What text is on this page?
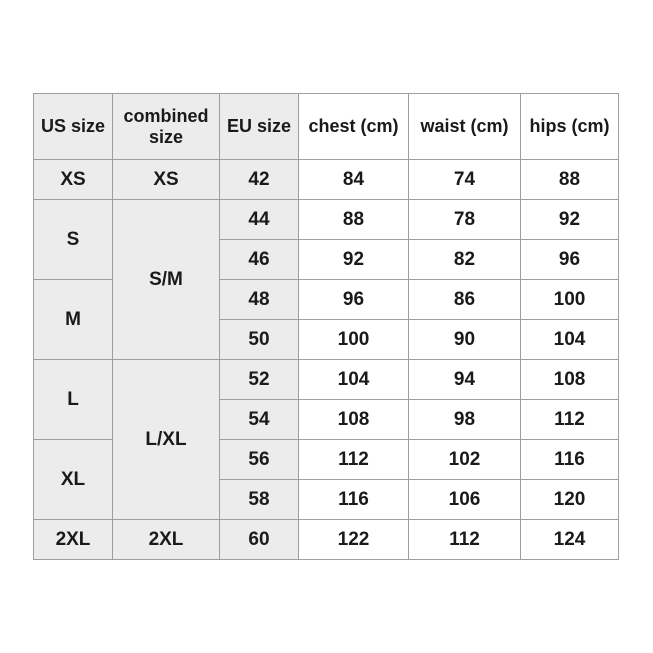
US size	combined size	EU size	chest (cm)	waist (cm)	hips (cm)
XS	XS	42	84	74	88
S	S/M	44	88	78	92
		46	92	82	96
M		48	96	86	100
		50	100	90	104
L	L/XL	52	104	94	108
		54	108	98	112
XL		56	112	102	116
		58	116	106	120
2XL	2XL	60	122	112	124
